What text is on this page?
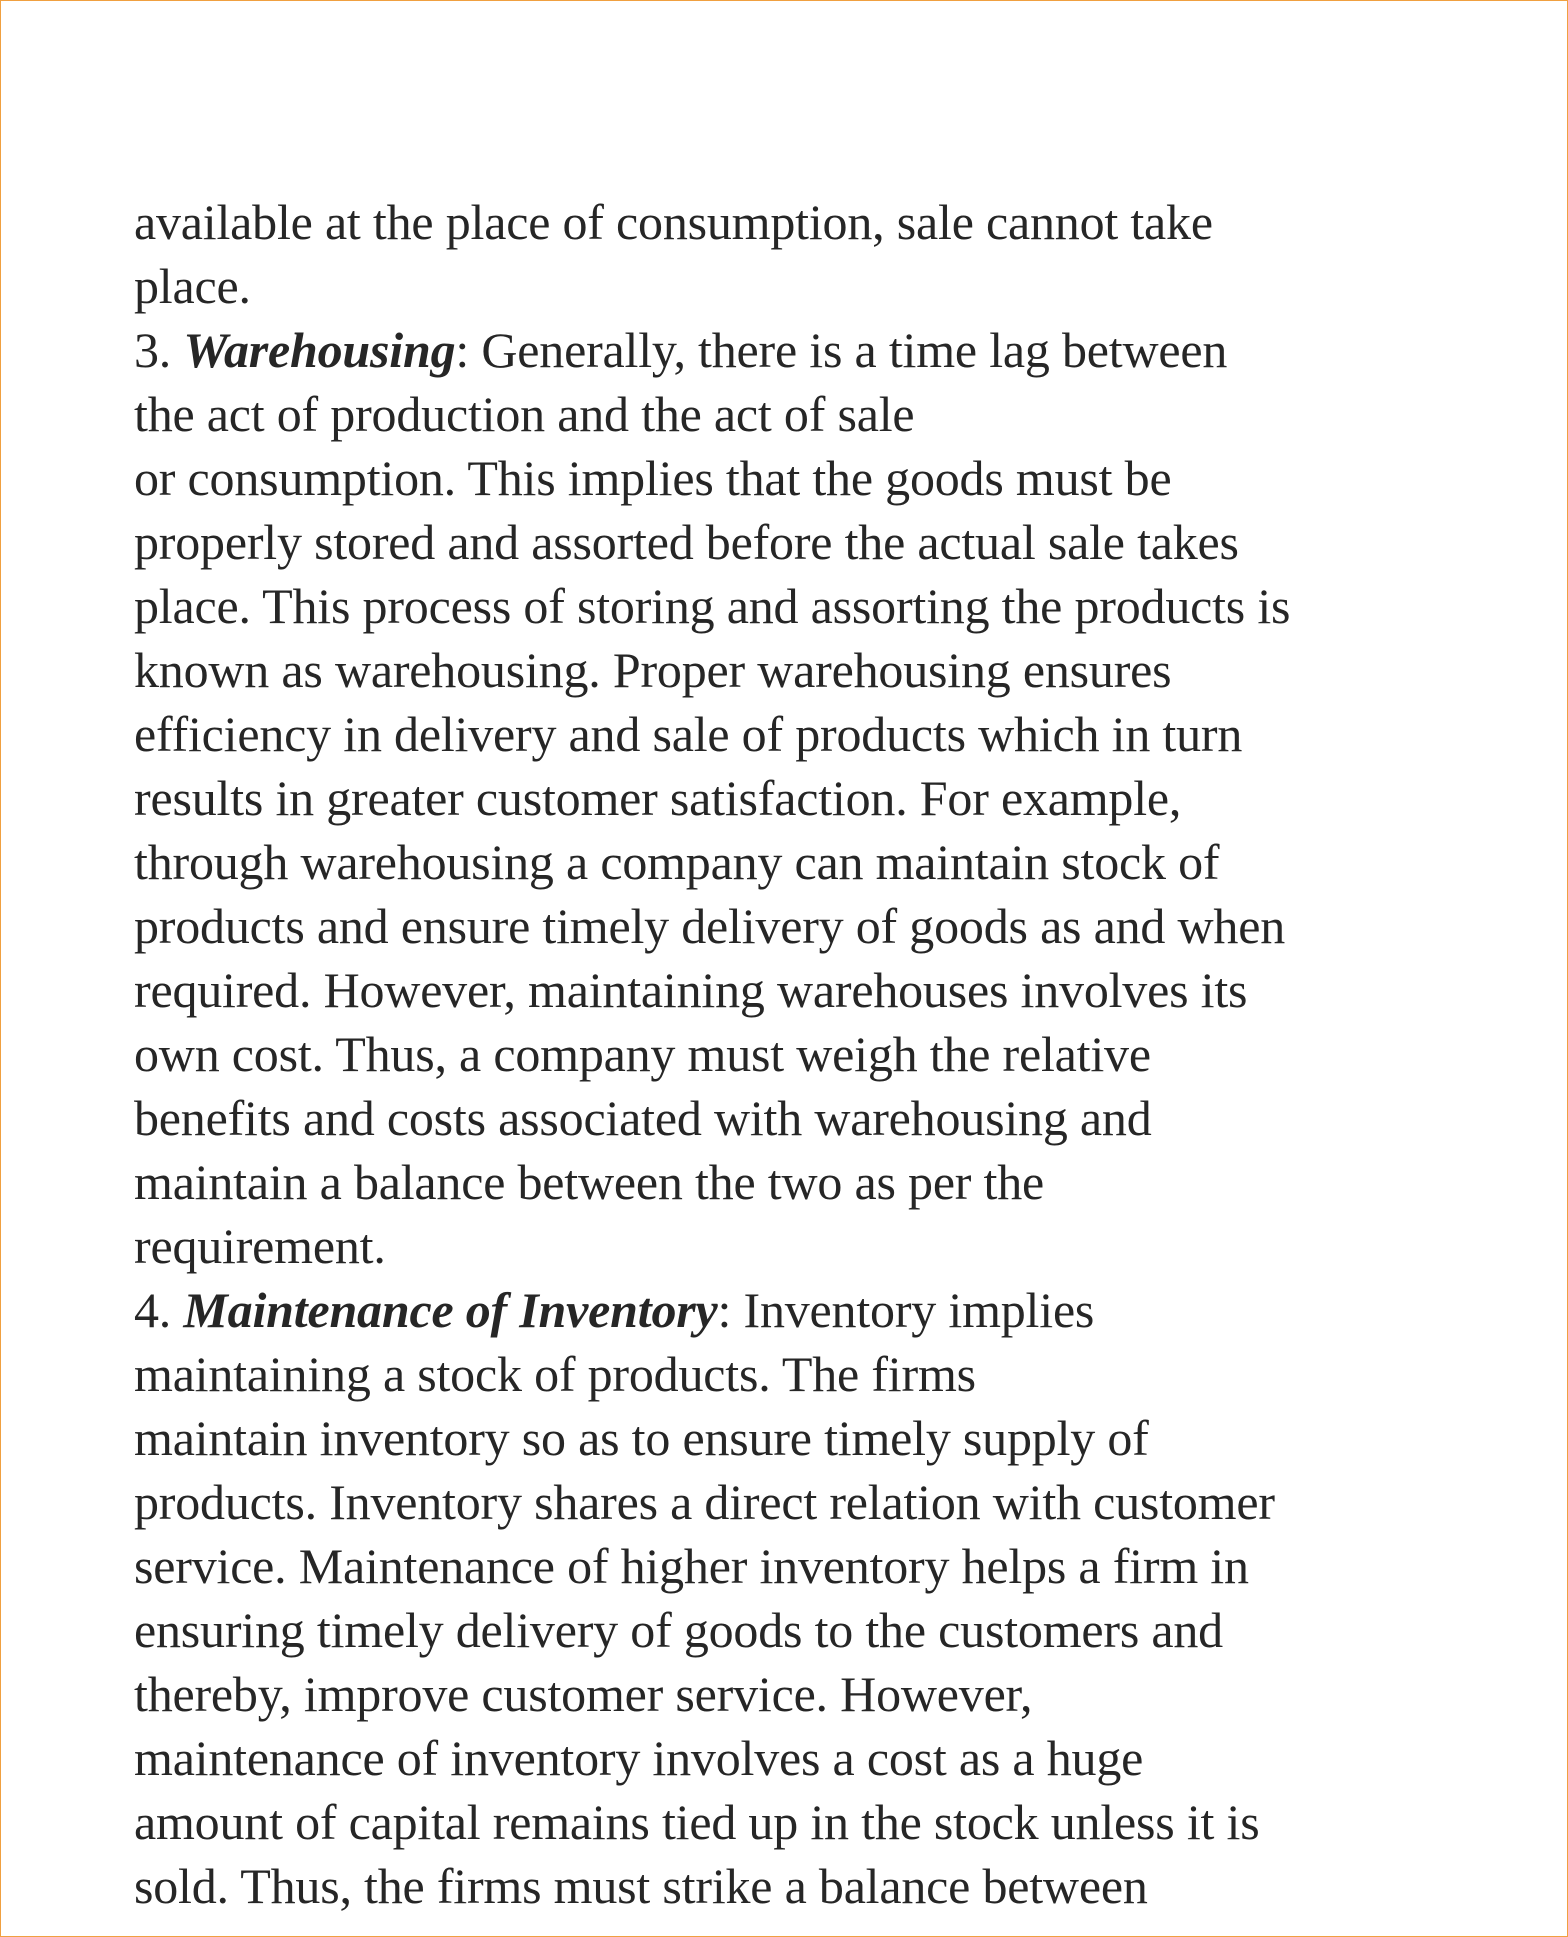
available at the place of consumption, sale cannot take
place.
3. Warehousing: Generally, there is a time lag between
the act of production and the act of sale
or consumption. This implies that the goods must be
properly stored and assorted before the actual sale takes
place. This process of storing and assorting the products is
known as warehousing. Proper warehousing ensures
efficiency in delivery and sale of products which in turn
results in greater customer satisfaction. For example,
through warehousing a company can maintain stock of
products and ensure timely delivery of goods as and when
required. However, maintaining warehouses involves its
own cost. Thus, a company must weigh the relative
benefits and costs associated with warehousing and
maintain a balance between the two as per the
requirement.
4. Maintenance of Inventory: Inventory implies
maintaining a stock of products. The firms
maintain inventory so as to ensure timely supply of
products. Inventory shares a direct relation with customer
service. Maintenance of higher inventory helps a firm in
ensuring timely delivery of goods to the customers and
thereby, improve customer service. However,
maintenance of inventory involves a cost as a huge
amount of capital remains tied up in the stock unless it is
sold. Thus, the firms must strike a balance between
